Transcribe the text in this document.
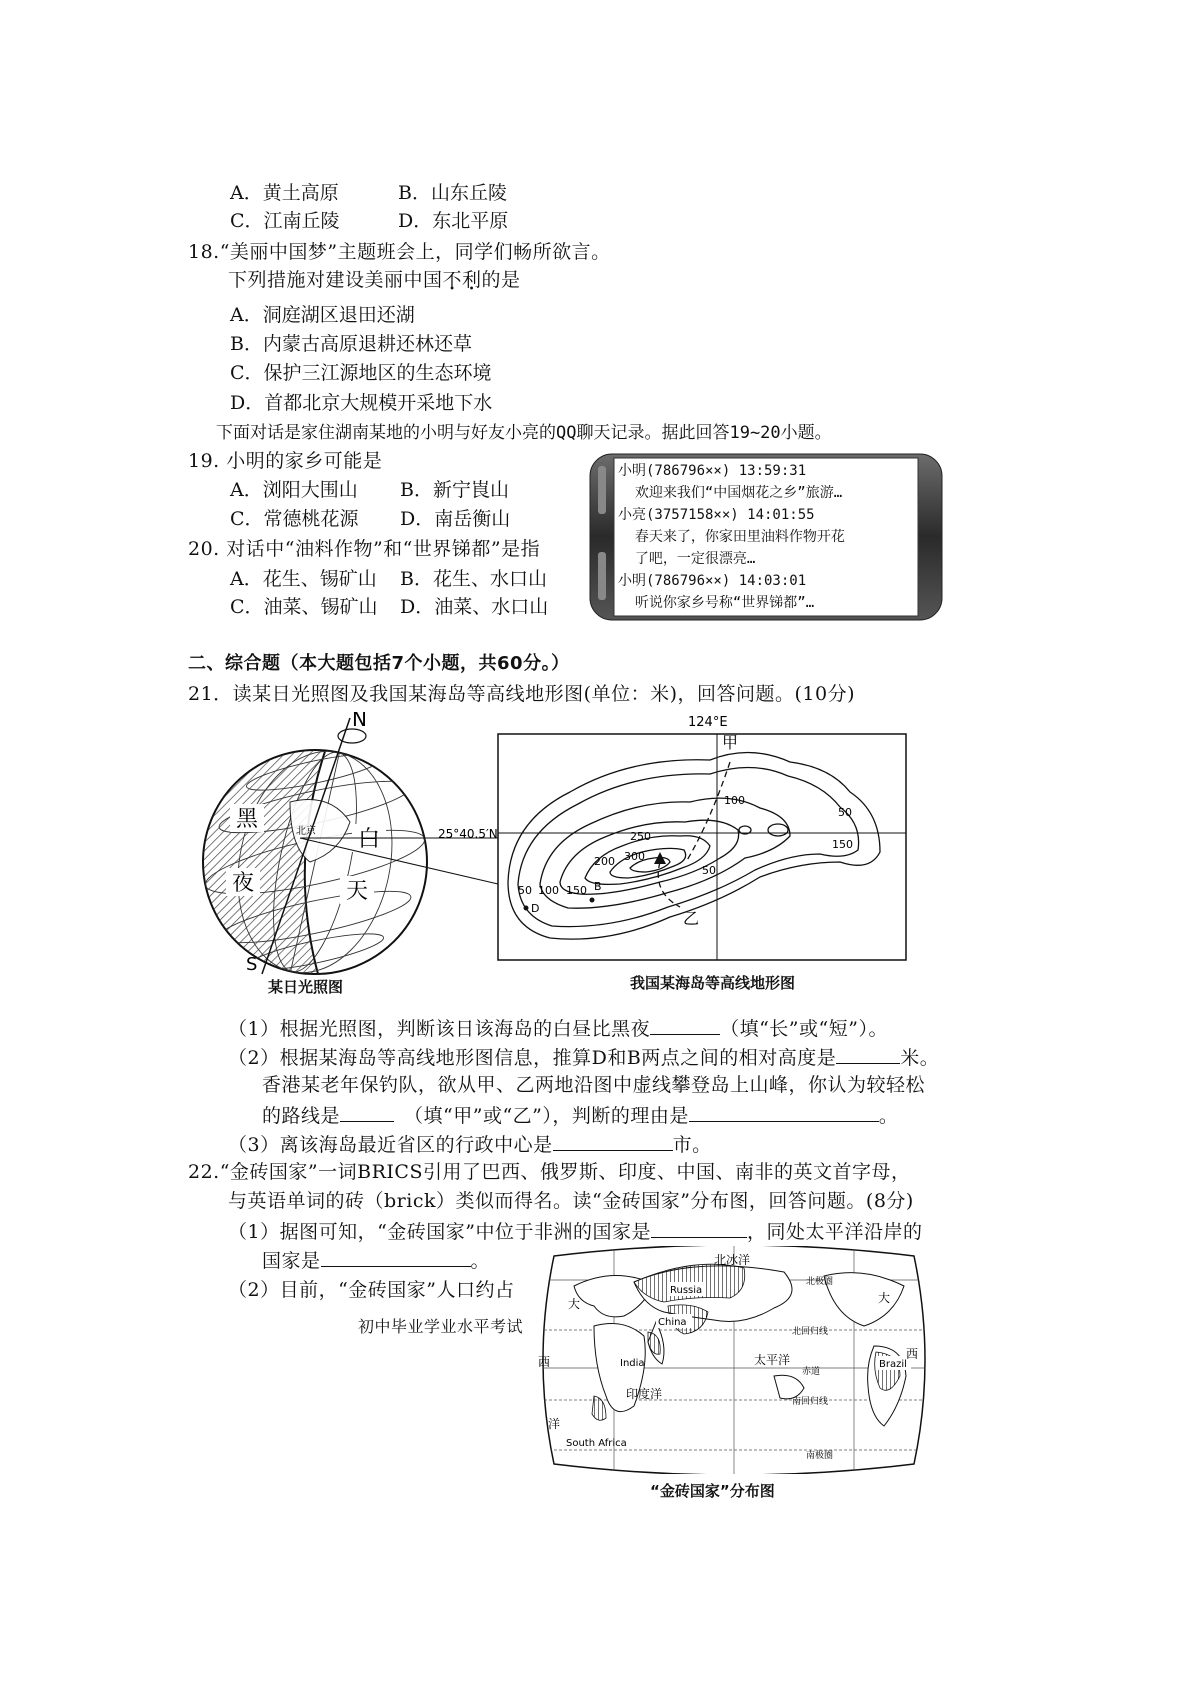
A．黄土高原	B．山东丘陵
C．江南丘陵	D．东北平原
18.“美丽中国梦”主题班会上，同学们畅所欲言。
下列措施对建设美丽中国不利的是
A．洞庭湖区退田还湖
B．内蒙古高原退耕还林还草
C．保护三江源地区的生态环境
D．首都北京大规模开采地下水
下面对话是家住湖南某地的小明与好友小亮的QQ聊天记录。据此回答19~20小题。
19. 小明的家乡可能是
A．浏阳大围山 B．新宁崀山
C．常德桃花源 D．南岳衡山
20. 对话中“油料作物”和“世界锑都”是指
A．花生、锡矿山 B．花生、水口山
C．油菜、锡矿山 D．油菜、水口山
小明(786796××) 13:59:31
欢迎来我们“中国烟花之乡”旅游…
小亮(3757158××) 14:01:55
春天来了，你家田里油料作物开花
了吧，一定很漂亮…
小明(786796××) 14:03:01
听说你家乡号称“世界锑都”…
二、综合题（本大题包括7个小题，共60分。）
21．读某日光照图及我国某海岛等高线地形图(单位：米)，回答问题。(10分)
N
S
黑
白
夜	天
北京
124°E
25°40.5′N
甲
乙
50
50
50
100
100
150
150
200
250
300
B
D
某日光照图	我国某海岛等高线地形图
（1）根据光照图，判断该日该海岛的白昼比黑夜	（填“长”或“短”）。
（2）根据某海岛等高线地形图信息，推算D和B两点之间的相对高度是	米。
香港某老年保钓队，欲从甲、乙两地沿图中虚线攀登岛上山峰，你认为较轻松
的路线是	（填“甲”或“乙”），判断的理由是	。
（3）离该海岛最近省区的行政中心是	市。
22.“金砖国家”一词BRICS引用了巴西、俄罗斯、印度、中国、南非的英文首字母，
与英语单词的砖（brick）类似而得名。读“金砖国家”分布图，回答问题。(8分)
（1）据图可知，“金砖国家”中位于非洲的国家是	，同处太平洋沿岸的
国家是	。
（2）目前，“金砖国家”人口约占
初中毕业学业水平考试
北冰洋
北极圈
北回归线
太平洋
印度洋
南回归线
赤道
南极圈
大
西
洋
大
西
Russia
China
India	Brazil
South Africa
“金砖国家”分布图
